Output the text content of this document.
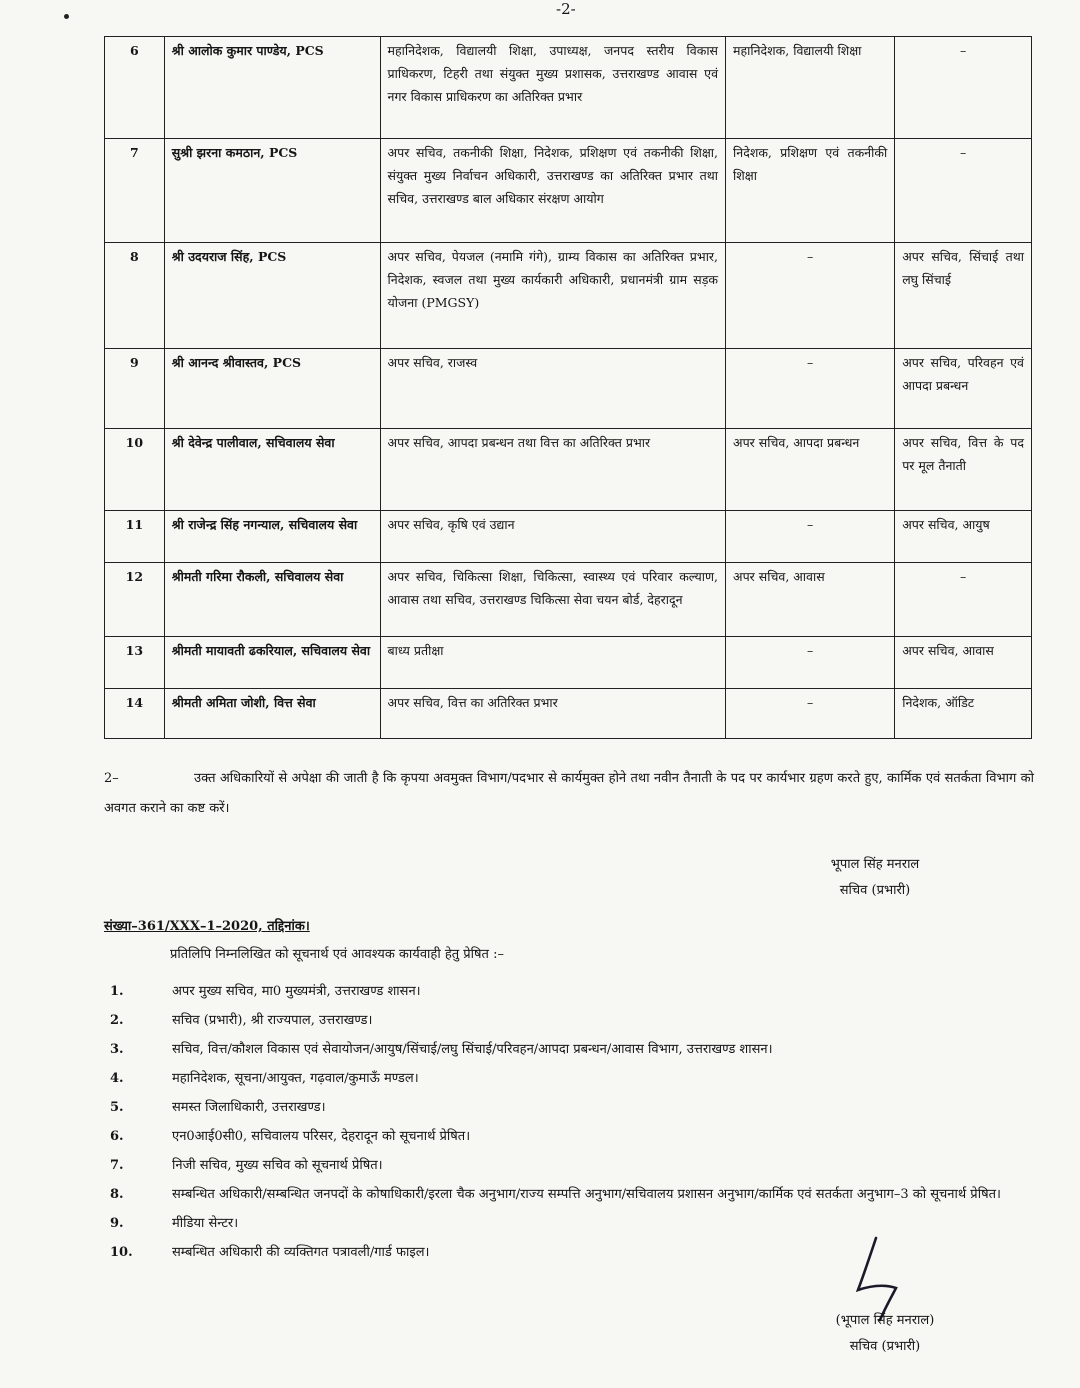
-2-
6	श्री आलोक कुमार पाण्डेय, PCS	महानिदेशक, विद्यालयी शिक्षा, उपाध्यक्ष, जनपद स्तरीय विकास प्राधिकरण, टिहरी तथा संयुक्त मुख्य प्रशासक, उत्तराखण्ड आवास एवं नगर विकास प्राधिकरण का अतिरिक्त प्रभार	महानिदेशक, विद्यालयी शिक्षा	–
7	सुश्री झरना कमठान, PCS	अपर सचिव, तकनीकी शिक्षा, निदेशक, प्रशिक्षण एवं तकनीकी शिक्षा, संयुक्त मुख्य निर्वाचन अधिकारी, उत्तराखण्ड का अतिरिक्त प्रभार तथा सचिव, उत्तराखण्ड बाल अधिकार संरक्षण आयोग	निदेशक, प्रशिक्षण एवं तकनीकी शिक्षा	–
8	श्री उदयराज सिंह, PCS	अपर सचिव, पेयजल (नमामि गंगे), ग्राम्य विकास का अतिरिक्त प्रभार, निदेशक, स्वजल तथा मुख्य कार्यकारी अधिकारी, प्रधानमंत्री ग्राम सड़क योजना (PMGSY)	–	अपर सचिव, सिंचाई तथा लघु सिंचाई
9	श्री आनन्द श्रीवास्तव, PCS	अपर सचिव, राजस्व	–	अपर सचिव, परिवहन एवं आपदा प्रबन्धन
10	श्री देवेन्द्र पालीवाल, सचिवालय सेवा	अपर सचिव, आपदा प्रबन्धन तथा वित्त का अतिरिक्त प्रभार	अपर सचिव, आपदा प्रबन्धन	अपर सचिव, वित्त के पद पर मूल तैनाती
11	श्री राजेन्द्र सिंह नगन्याल, सचिवालय सेवा	अपर सचिव, कृषि एवं उद्यान	–	अपर सचिव, आयुष
12	श्रीमती गरिमा रौकली, सचिवालय सेवा	अपर सचिव, चिकित्सा शिक्षा, चिकित्सा, स्वास्थ्य एवं परिवार कल्याण, आवास तथा सचिव, उत्तराखण्ड चिकित्सा सेवा चयन बोर्ड, देहरादून	अपर सचिव, आवास	–
13	श्रीमती मायावती ढकरियाल, सचिवालय सेवा	बाध्य प्रतीक्षा	–	अपर सचिव, आवास
14	श्रीमती अमिता जोशी, वित्त सेवा	अपर सचिव, वित्त का अतिरिक्त प्रभार	–	निदेशक, ऑडिट
2–	उक्त अधिकारियों से अपेक्षा की जाती है कि कृपया अवमुक्त विभाग/पदभार से कार्यमुक्त होने तथा नवीन तैनाती के पद पर कार्यभार ग्रहण करते हुए, कार्मिक एवं सतर्कता विभाग को अवगत कराने का कष्ट करें।
भूपाल सिंह मनराल
सचिव (प्रभारी)
संख्या–361/XXX–1–2020, तद्दिनांक।
प्रतिलिपि निम्नलिखित को सूचनार्थ एवं आवश्यक कार्यवाही हेतु प्रेषित :–
1.	अपर मुख्य सचिव, मा0 मुख्यमंत्री, उत्तराखण्ड शासन।
2.	सचिव (प्रभारी), श्री राज्यपाल, उत्तराखण्ड।
3.	सचिव, वित्त/कौशल विकास एवं सेवायोजन/आयुष/सिंचाई/लघु सिंचाई/परिवहन/आपदा प्रबन्धन/आवास विभाग, उत्तराखण्ड शासन।
4.	महानिदेशक, सूचना/आयुक्त, गढ़वाल/कुमाऊँ मण्डल।
5.	समस्त जिलाधिकारी, उत्तराखण्ड।
6.	एन0आई0सी0, सचिवालय परिसर, देहरादून को सूचनार्थ प्रेषित।
7.	निजी सचिव, मुख्य सचिव को सूचनार्थ प्रेषित।
8.	सम्बन्धित अधिकारी/सम्बन्धित जनपदों के कोषाधिकारी/इरला चैक अनुभाग/राज्य सम्पत्ति अनुभाग/सचिवालय प्रशासन अनुभाग/कार्मिक एवं सतर्कता अनुभाग–3 को सूचनार्थ प्रेषित।
9.	मीडिया सेन्टर।
10.	सम्बन्धित अधिकारी की व्यक्तिगत पत्रावली/गार्ड फाइल।
(भूपाल सिंह मनराल)
सचिव (प्रभारी)
